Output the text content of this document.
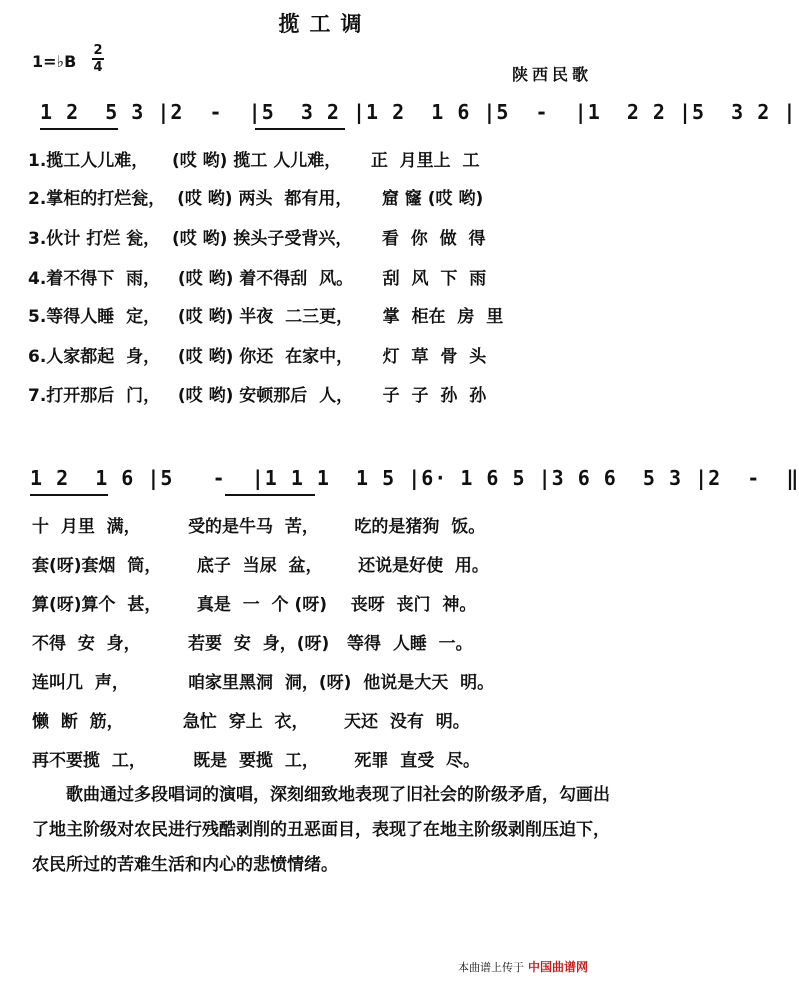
揽工调
1=♭B
2
4	陕西民歌
1 2  5 3 |2  -  |5  3 2 |1 2  1 6 |5  -  |1  2 2 |5  3 2 |
1.揽工人儿难，    (哎 哟) 揽工 人儿难，     正  月里上  工
2.掌柜的打烂瓮，  (哎 哟) 两头  都有用，     窟 窿 (哎 哟)
3.伙计 打烂 瓮，  (哎 哟) 挨头子受背兴，     看  你  做  得
4.着不得下  雨，   (哎 哟) 着不得刮  风。     刮  风  下  雨
5.等得人睡  定，   (哎 哟) 半夜  二三更，     掌  柜在  房  里
6.人家都起  身，   (哎 哟) 你还  在家中，     灯  草  骨  头
7.打开那后  门，   (哎 哟) 安顿那后  人，     子  子  孙  孙
1 2  1 6 |5   -  |1 1 1  1 5 |6· 1 6 5 |3 6 6  5 3 |2  -  ‖
十  月里  满，        受的是牛马  苦，      吃的是猪狗  饭。
套(呀)套烟  筒，      底子  当尿  盆，      还说是好使  用。
算(呀)算个  甚，      真是  一  个 (呀)    丧呀  丧门  神。
不得  安  身，        若要  安  身，(呀)   等得  人睡  一。
连叫几  声，          咱家里黑洞  洞，(呀)  他说是大天  明。
懒  断  筋，          急忙  穿上  衣，      天还  没有  明。
再不要揽  工，        既是  要揽  工，      死罪  直受  尽。
歌曲通过多段唱词的演唱，深刻细致地表现了旧社会的阶级矛盾，勾画出了地主阶级对农民进行残酷剥削的丑恶面目，表现了在地主阶级剥削压迫下，农民所过的苦难生活和内心的悲愤情绪。
本曲谱上传于 中国曲谱网
